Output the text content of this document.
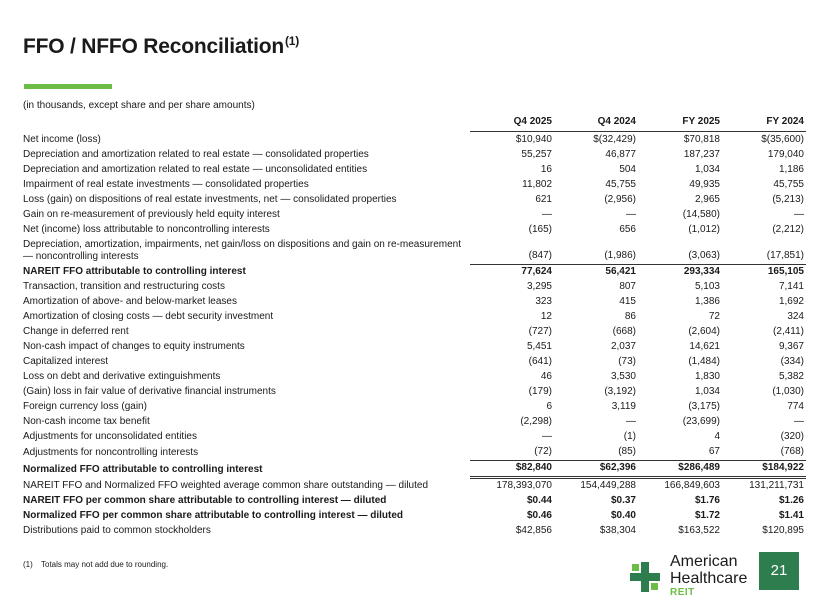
FFO / NFFO Reconciliation$^{(1)}$
(in thousands, except share and per share amounts)
	Q4 2025	Q4 2024	FY 2025	FY 2024
Net income (loss)	$10,940	$(32,429)	$70,818	$(35,600)
Depreciation and amortization related to real estate — consolidated properties	55,257	46,877	187,237	179,040
Depreciation and amortization related to real estate — unconsolidated entities	16	504	1,034	1,186
Impairment of real estate investments — consolidated properties	11,802	45,755	49,935	45,755
Loss (gain) on dispositions of real estate investments, net — consolidated properties	621	(2,956)	2,965	(5,213)
Gain on re-measurement of previously held equity interest	—	—	(14,580)	—
Net (income) loss attributable to noncontrolling interests	(165)	656	(1,012)	(2,212)
Depreciation, amortization, impairments, net gain/loss on dispositions and gain on re-measurement — noncontrolling interests	(847)	(1,986)	(3,063)	(17,851)
NAREIT FFO attributable to controlling interest	77,624	56,421	293,334	165,105
Transaction, transition and restructuring costs	3,295	807	5,103	7,141
Amortization of above- and below-market leases	323	415	1,386	1,692
Amortization of closing costs — debt security investment	12	86	72	324
Change in deferred rent	(727)	(668)	(2,604)	(2,411)
Non-cash impact of changes to equity instruments	5,451	2,037	14,621	9,367
Capitalized interest	(641)	(73)	(1,484)	(334)
Loss on debt and derivative extinguishments	46	3,530	1,830	5,382
(Gain) loss in fair value of derivative financial instruments	(179)	(3,192)	1,034	(1,030)
Foreign currency loss (gain)	6	3,119	(3,175)	774
Non-cash income tax benefit	(2,298)	—	(23,699)	—
Adjustments for unconsolidated entities	—	(1)	4	(320)
Adjustments for noncontrolling interests	(72)	(85)	67	(768)
Normalized FFO attributable to controlling interest	$82,840	$62,396	$286,489	$184,922
NAREIT FFO and Normalized FFO weighted average common share outstanding — diluted	178,393,070	154,449,288	166,849,603	131,211,731
NAREIT FFO per common share attributable to controlling interest — diluted	$0.44	$0.37	$1.76	$1.26
Normalized FFO per common share attributable to controlling interest — diluted	$0.46	$0.40	$1.72	$1.41
Distributions paid to common stockholders	$42,856	$38,304	$163,522	$120,895
(1) Totals may not add due to rounding.	American
Healthcare
REIT
21
